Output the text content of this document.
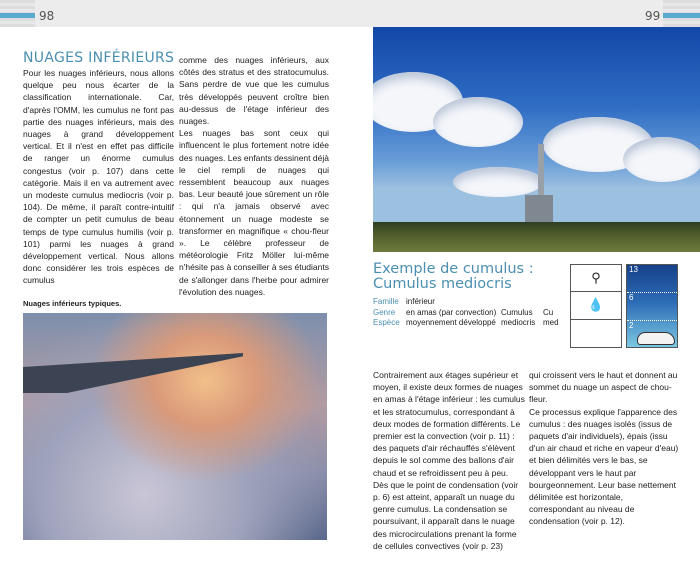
98	99
NUAGES INFÉRIEURS

Pour les nuages inférieurs, nous allons quelque peu nous écarter de la classification internationale. Car, d'après l'OMM, les cumulus ne font pas partie des nuages inférieurs, mais des nuages à grand développement vertical. Et il n'est en effet pas difficile de ranger un énorme cumulus congestus (voir p. 107) dans cette catégorie. Mais il en va autrement avec un modeste cumulus mediocris (voir p. 104). De même, il paraît contre-intuitif de compter un petit cumulus de beau temps de type cumulus humilis (voir p. 101) parmi les nuages à grand développement vertical. Nous allons donc considérer les trois espèces de cumulus

comme des nuages inférieurs, aux côtés des stratus et des stratocumulus. Sans perdre de vue que les cumulus très développés peuvent croître bien au-dessus de l'étage inférieur des nuages.

Les nuages bas sont ceux qui influencent le plus fortement notre idée des nuages. Les enfants dessinent déjà le ciel rempli de nuages qui ressemblent beaucoup aux nuages bas. Leur beauté joue sûrement un rôle : qui n'a jamais observé avec étonnement un nuage modeste se transformer en magnifique « chou-fleur ». Le célèbre professeur de météorologie Fritz Möller lui-même n'hésite pas à conseiller à ses étudiants de s'allonger dans l'herbe pour admirer l'évolution des nuages.

Nuages inférieurs typiques.
Exemple de cumulus :
Cumulus mediocris
Famille inférieur
Genre en amas (par convection) Cumulus Cu
Espèce moyennement développé mediocris med
⚲
💧
13
6
2

Contrairement aux étages supérieur et moyen, il existe deux formes de nuages en amas à l'étage inférieur : les cumulus et les stratocumulus, correspondant à deux modes de formation différents. Le premier est la convection (voir p. 11) : des paquets d'air réchauffés s'élèvent depuis le sol comme des ballons d'air chaud et se refroidissent peu à peu.

Dès que le point de condensation (voir p. 6) est atteint, apparaît un nuage du genre cumulus. La condensation se poursuivant, il apparaît dans le nuage des microcirculations prenant la forme de cellules convectives (voir p. 23)

qui croissent vers le haut et donnent au sommet du nuage un aspect de chou-fleur.

Ce processus explique l'apparence des cumulus : des nuages isolés (issus de paquets d'air individuels), épais (issu d'un air chaud et riche en vapeur d'eau) et bien délimités vers le bas, se développant vers le haut par bourgeonnement. Leur base nettement délimitée est horizontale, correspondant au niveau de condensation (voir p. 12).
